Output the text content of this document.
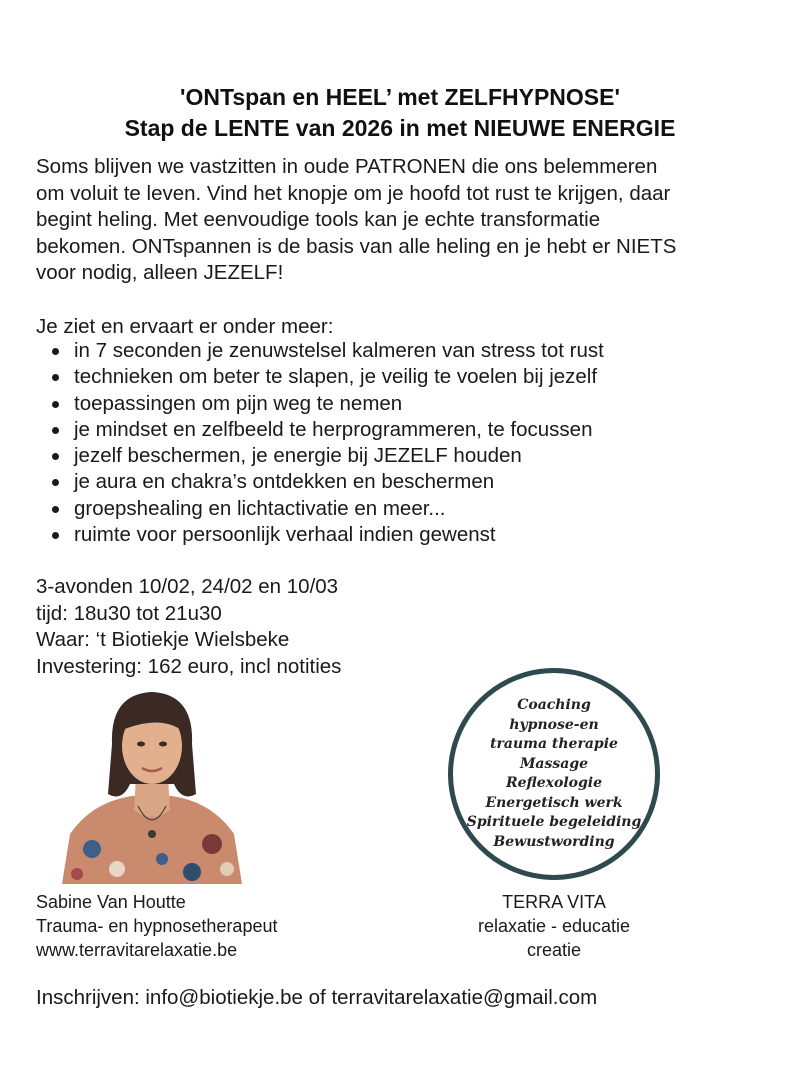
'ONTspan en HEEL’ met ZELFHYPNOSE'
Stap de LENTE van 2026 in met NIEUWE ENERGIE
Soms blijven we vastzitten in oude PATRONEN die ons belemmeren
om voluit te leven. Vind het knopje om je hoofd tot rust te krijgen, daar
begint heling. Met eenvoudige tools kan je echte transformatie
bekomen. ONTspannen is de basis van alle heling en je hebt er NIETS
voor nodig, alleen JEZELF!
Je ziet en ervaart er onder meer:
in 7 seconden je zenuwstelsel kalmeren van stress tot rust
technieken om beter te slapen, je veilig te voelen bij jezelf
toepassingen om pijn weg te nemen
je mindset en zelfbeeld te herprogrammeren, te focussen
jezelf beschermen, je energie bij JEZELF houden
je aura en chakra’s ontdekken en beschermen
groepshealing en lichtactivatie en meer...
ruimte voor persoonlijk verhaal indien gewenst
3-avonden 10/02, 24/02 en 10/03
tijd: 18u30 tot 21u30
Waar: ‘t Biotiekje Wielsbeke
Investering: 162 euro, incl notities
Coaching
hypnose-en
trauma therapie
Massage
Reflexologie
Energetisch werk
Spirituele begeleiding
Bewustwording
Sabine Van Houtte
Trauma- en hypnosetherapeut
www.terravitarelaxatie.be
TERRA VITA
relaxatie - educatie
creatie
Inschrijven: info@biotiekje.be of terravitarelaxatie@gmail.com
